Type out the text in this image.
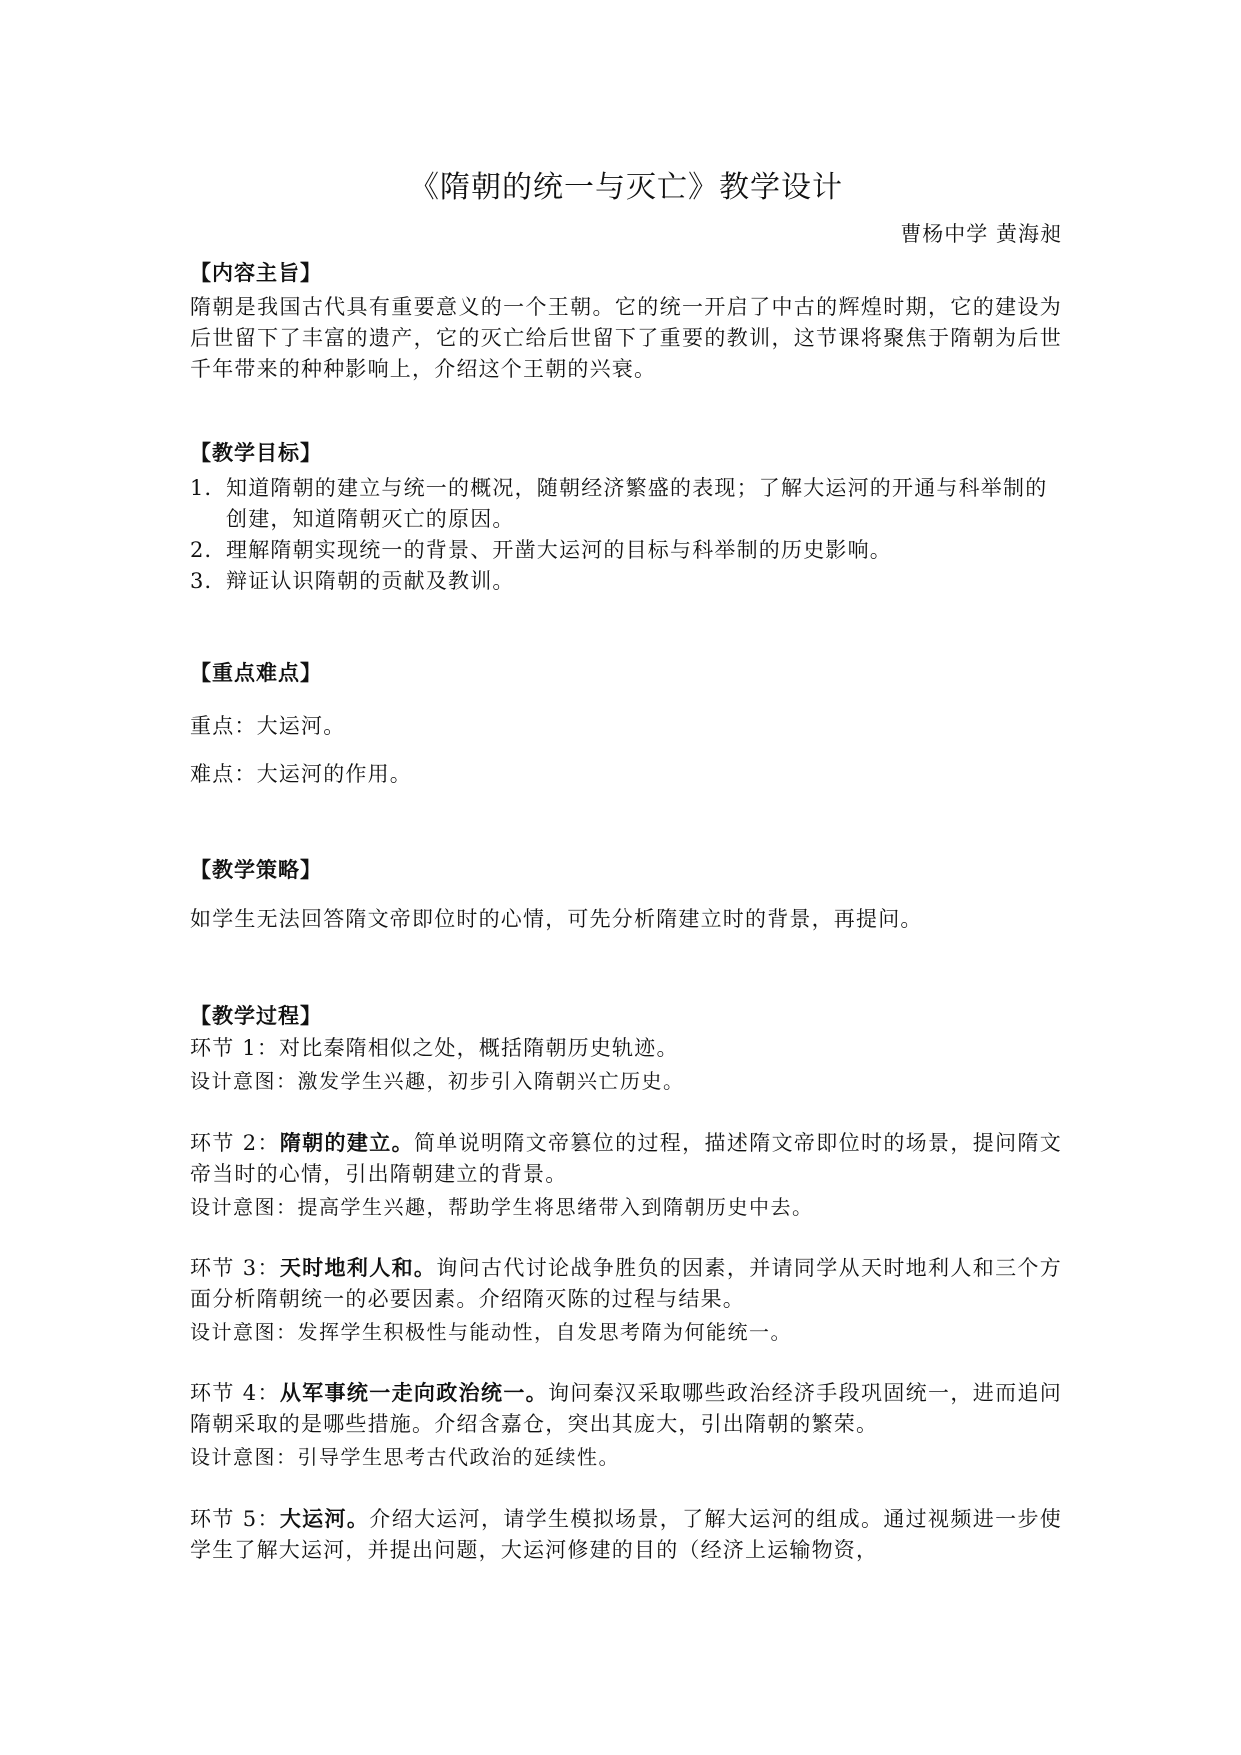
《隋朝的统一与灭亡》教学设计
曹杨中学 黄海昶
【内容主旨】
隋朝是我国古代具有重要意义的一个王朝。它的统一开启了中古的辉煌时期，它的建设为后世留下了丰富的遗产，它的灭亡给后世留下了重要的教训，这节课将聚焦于隋朝为后世千年带来的种种影响上，介绍这个王朝的兴衰。
【教学目标】
1． 知道隋朝的建立与统一的概况，随朝经济繁盛的表现；了解大运河的开通与科举制的创建，知道隋朝灭亡的原因。
2． 理解隋朝实现统一的背景、开凿大运河的目标与科举制的历史影响。
3． 辩证认识隋朝的贡献及教训。
【重点难点】
重点：大运河。
难点：大运河的作用。
【教学策略】
如学生无法回答隋文帝即位时的心情，可先分析隋建立时的背景，再提问。
【教学过程】
环节 1：对比秦隋相似之处，概括隋朝历史轨迹。
设计意图：激发学生兴趣，初步引入隋朝兴亡历史。
环节 2：隋朝的建立。简单说明隋文帝篡位的过程，描述隋文帝即位时的场景，提问隋文帝当时的心情，引出隋朝建立的背景。
设计意图：提高学生兴趣，帮助学生将思绪带入到隋朝历史中去。
环节 3：天时地利人和。询问古代讨论战争胜负的因素，并请同学从天时地利人和三个方面分析隋朝统一的必要因素。介绍隋灭陈的过程与结果。
设计意图：发挥学生积极性与能动性，自发思考隋为何能统一。
环节 4：从军事统一走向政治统一。询问秦汉采取哪些政治经济手段巩固统一，进而追问隋朝采取的是哪些措施。介绍含嘉仓，突出其庞大，引出隋朝的繁荣。
设计意图：引导学生思考古代政治的延续性。
环节 5：大运河。介绍大运河，请学生模拟场景，了解大运河的组成。通过视频进一步使学生了解大运河，并提出问题，大运河修建的目的（经济上运输物资，
